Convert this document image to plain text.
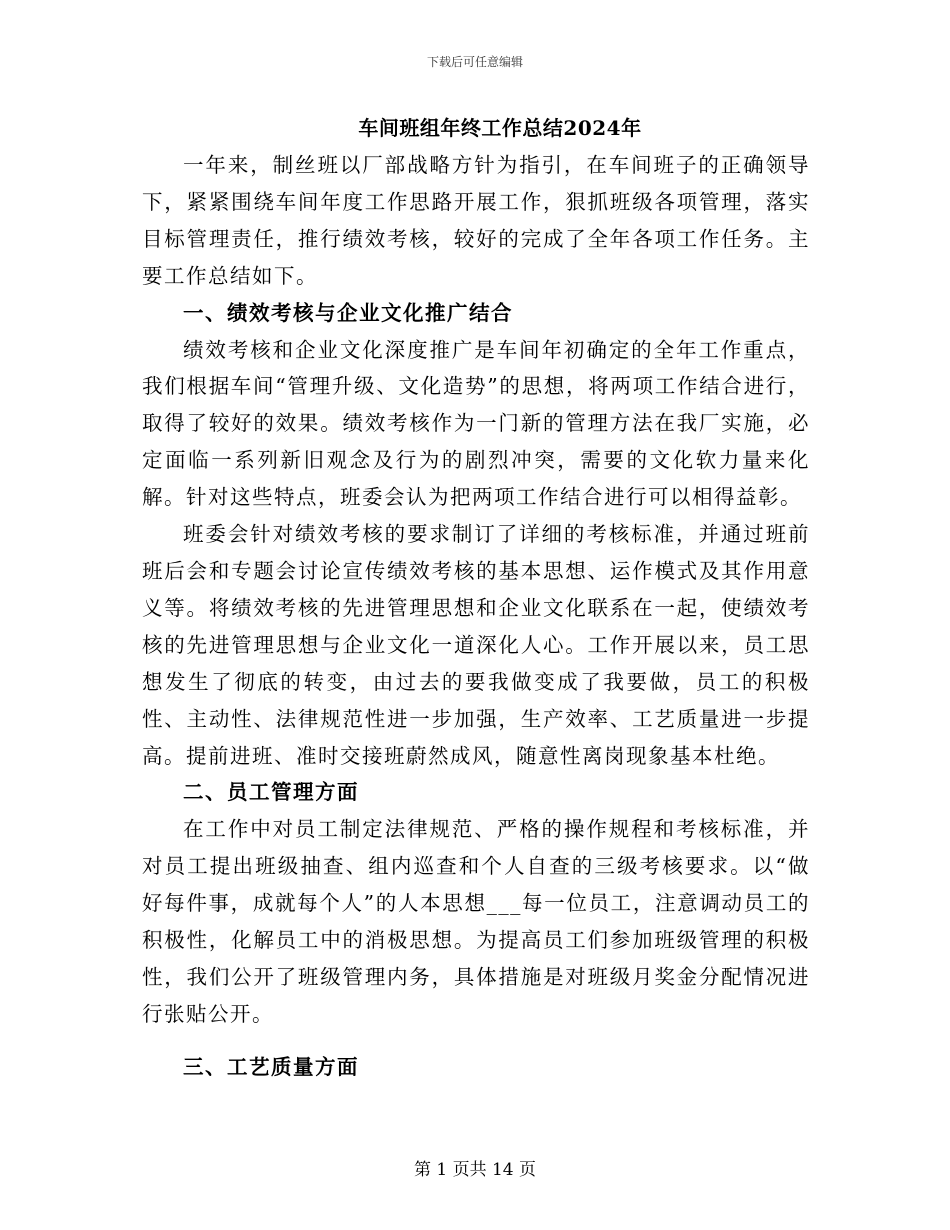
下载后可任意编辑
车间班组年终工作总结2024年

一年来，制丝班以厂部战略方针为指引，在车间班子的正确领导下，紧紧围绕车间年度工作思路开展工作，狠抓班级各项管理，落实目标管理责任，推行绩效考核，较好的完成了全年各项工作任务。主要工作总结如下。

一、绩效考核与企业文化推广结合

绩效考核和企业文化深度推广是车间年初确定的全年工作重点，我们根据车间“管理升级、文化造势”的思想，将两项工作结合进行，取得了较好的效果。绩效考核作为一门新的管理方法在我厂实施，必定面临一系列新旧观念及行为的剧烈冲突，需要的文化软力量来化解。针对这些特点，班委会认为把两项工作结合进行可以相得益彰。

班委会针对绩效考核的要求制订了详细的考核标准，并通过班前班后会和专题会讨论宣传绩效考核的基本思想、运作模式及其作用意义等。将绩效考核的先进管理思想和企业文化联系在一起，使绩效考核的先进管理思想与企业文化一道深化人心。工作开展以来，员工思想发生了彻底的转变，由过去的要我做变成了我要做，员工的积极性、主动性、法律规范性进一步加强，生产效率、工艺质量进一步提高。提前进班、准时交接班蔚然成风，随意性离岗现象基本杜绝。

二、员工管理方面

在工作中对员工制定法律规范、严格的操作规程和考核标准，并对员工提出班级抽查、组内巡查和个人自查的三级考核要求。以“做好每件事，成就每个人”的人本思想___每一位员工，注意调动员工的积极性，化解员工中的消极思想。为提高员工们参加班级管理的积极性，我们公开了班级管理内务，具体措施是对班级月奖金分配情况进行张贴公开。

三、工艺质量方面
第 1 页共 14 页
